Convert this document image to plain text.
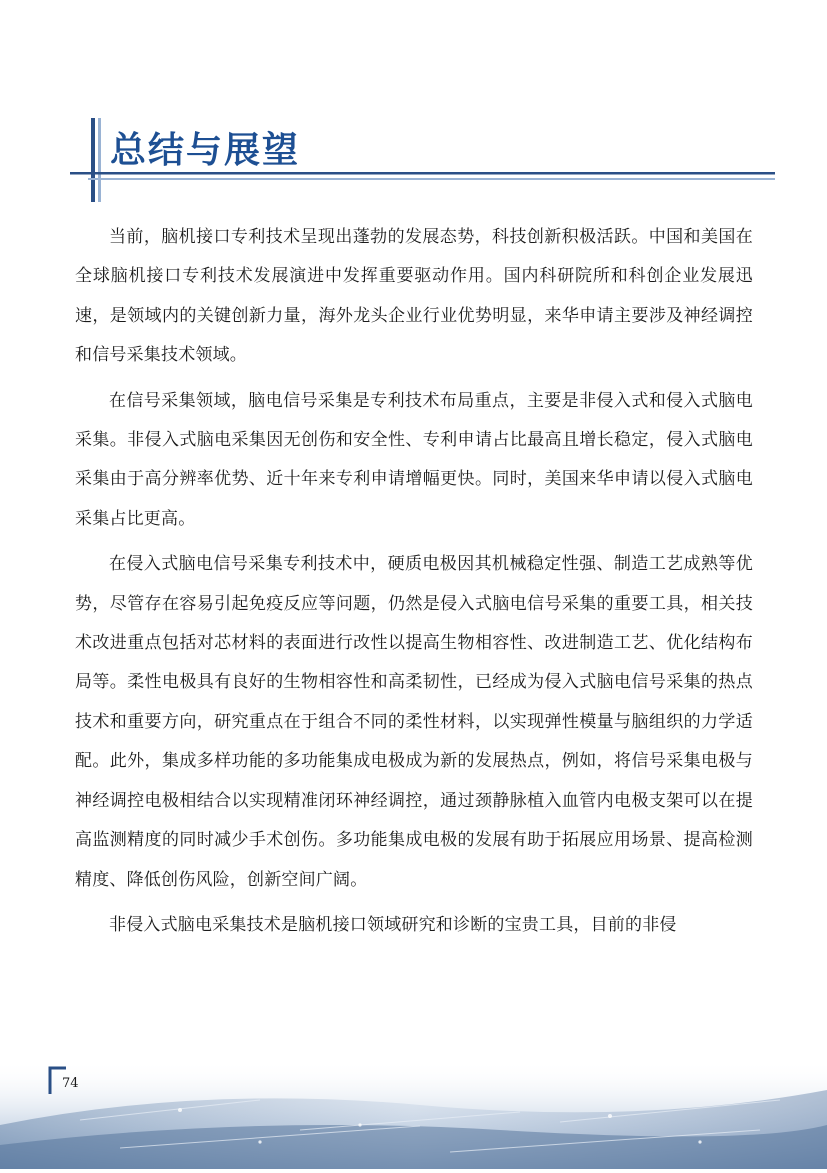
总结与展望

当前，脑机接口专利技术呈现出蓬勃的发展态势，科技创新积极活跃。中国和美国在全球脑机接口专利技术发展演进中发挥重要驱动作用。国内科研院所和科创企业发展迅速，是领域内的关键创新力量，海外龙头企业行业优势明显，来华申请主要涉及神经调控和信号采集技术领域。

在信号采集领域，脑电信号采集是专利技术布局重点，主要是非侵入式和侵入式脑电采集。非侵入式脑电采集因无创伤和安全性、专利申请占比最高且增长稳定，侵入式脑电采集由于高分辨率优势、近十年来专利申请增幅更快。同时，美国来华申请以侵入式脑电采集占比更高。

在侵入式脑电信号采集专利技术中，硬质电极因其机械稳定性强、制造工艺成熟等优势，尽管存在容易引起免疫反应等问题，仍然是侵入式脑电信号采集的重要工具，相关技术改进重点包括对芯材料的表面进行改性以提高生物相容性、改进制造工艺、优化结构布局等。柔性电极具有良好的生物相容性和高柔韧性，已经成为侵入式脑电信号采集的热点技术和重要方向，研究重点在于组合不同的柔性材料，以实现弹性模量与脑组织的力学适配。此外，集成多样功能的多功能集成电极成为新的发展热点，例如，将信号采集电极与神经调控电极相结合以实现精准闭环神经调控，通过颈静脉植入血管内电极支架可以在提高监测精度的同时减少手术创伤。多功能集成电极的发展有助于拓展应用场景、提高检测精度、降低创伤风险，创新空间广阔。

非侵入式脑电采集技术是脑机接口领域研究和诊断的宝贵工具，目前的非侵

74
